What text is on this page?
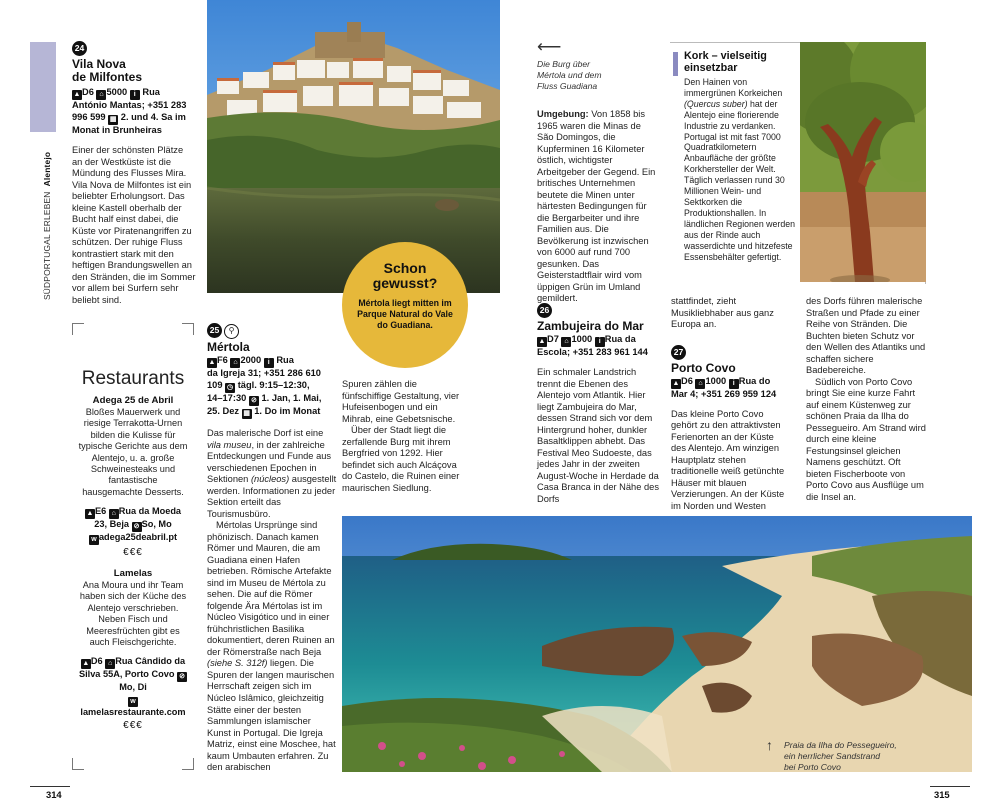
SÜDPORTUGAL ERLEBEN  Alentejo
24
Vila Nova
de Milfontes
▲ D6 ⌂ 5000 i Rua
António Mantas; +351 283
996 599 ▦ 2. und 4. Sa im
Monat in Brunheiras

Einer der schönsten Plätze an der Westküste ist die Mündung des Flusses Mira. Vila Nova de Milfontes ist ein beliebter Erholungsort. Das kleine Kastell oberhalb der Bucht half einst dabei, die Küste vor Piratenangriffen zu schützen. Der ruhige Fluss kontrastiert stark mit den heftigen Brandungswellen an den Stränden, die im Sommer vor allem bei Surfern sehr beliebt sind.

Restaurants
Adega 25 de Abril

Bloßes Mauerwerk und riesige Terrakotta-Urnen bilden die Kulisse für typische Gerichte aus dem Alentejo, u. a. große Schweinesteaks und fantastische hausgemachte Desserts.

▲ E6 ⌂ Rua da Moeda 23, Beja ⊘ So, Mo
w adega25deabril.pt
€€€
Lamelas

Ana Moura und ihr Team haben sich der Küche des Alentejo verschrieben. Neben Fisch und Meeresfrüchten gibt es auch Fleischgerichte.

▲ D6 ⌂ Rua Cândido da Silva 55A, Porto Covo ⊘Mo, Di
wlamelasrestaurante.com
€€€
Schon
gewusst?

Mértola liegt mitten im Parque Natural do Vale do Guadiana.

25 ⚲
Mértola
▲ F6 ⌂ 2000 i Rua
da Igreja 31; +351 286 610
109 ◷ tägl. 9:15–12:30,
14–17:30 ⊘ 1. Jan, 1. Mai,
25. Dez ▦ 1. Do im Monat

Das malerische Dorf ist eine vila museu, in der zahlreiche Entdeckungen und Funde aus verschiedenen Epochen in Sektionen (núcleos) ausgestellt werden. Informationen zu jeder Sektion erteilt das Tourismusbüro.

Mértolas Ursprünge sind phönizisch. Danach kamen Römer und Mauren, die am Guadiana einen Hafen betrieben. Römische Artefakte sind im Museu de Mértola zu sehen. Die auf die Römer folgende Ära Mértolas ist im Núcleo Visigótico und in einer frühchristlichen Basilika dokumentiert, deren Ruinen an der Römerstraße nach Beja (siehe S. 312f) liegen. Die Spuren der langen maurischen Herrschaft zeigen sich im Núcleo Islâmico, gleichzeitig Stätte einer der besten Sammlungen islamischer Kunst in Portugal. Die Igreja Matriz, einst eine Moschee, hat kaum Umbauten erfahren. Zu den arabischen

Spuren zählen die fünfschiffige Gestaltung, vier Hufeisenbogen und ein Mihrab, eine Gebetsnische.

Über der Stadt liegt die zerfallende Burg mit ihrem Bergfried von 1292. Hier befindet sich auch Alcáçova do Castelo, die Ruinen einer maurischen Siedlung.

⟵
Die Burg über
Mértola und dem
Fluss Guadiana

Umgebung: Von 1858 bis 1965 waren die Minas de São Domingos, die Kupferminen 16 Kilometer östlich, wichtigster Arbeitgeber der Gegend. Ein britisches Unternehmen beutete die Minen unter härtesten Bedingungen für die Bergarbeiter und ihre Familien aus. Die Bevölkerung ist inzwischen von 6000 auf rund 700 gesunken. Das Geisterstadtflair wird vom üppigen Grün im Umland gemildert.

26
Zambujeira do Mar
▲ D7 ⌂ 1000 i Rua da
Escola; +351 283 961 144

Ein schmaler Landstrich trennt die Ebenen des Alentejo vom Atlantik. Hier liegt Zambujeira do Mar, dessen Strand sich vor dem Hintergrund hoher, dunkler Basaltklippen abhebt. Das Festival Meo Sudoeste, das jedes Jahr in der zweiten August-Woche in Herdade da Casa Branca in der Nähe des Dorfs

Kork – vielseitig einsetzbar

Den Hainen von immergrünen Korkeichen (Quercus suber) hat der Alentejo eine florierende Industrie zu verdanken. Portugal ist mit fast 7000 Quadratkilometern Anbaufläche der größte Korkhersteller der Welt. Täglich verlassen rund 30 Millionen Wein- und Sektkorken die Produktionshallen. In ländlichen Regionen werden aus der Rinde auch wasserdichte und hitzefeste Essensbehälter gefertigt.

stattfindet, zieht Musikliebhaber aus ganz Europa an.

27
Porto Covo
▲ D6 ⌂ 1000 i Rua do
Mar 4; +351 269 959 124

Das kleine Porto Covo gehört zu den attraktivsten Ferienorten an der Küste des Alentejo. Am winzigen Hauptplatz stehen traditionelle weiß getünchte Häuser mit blauen Verzierungen. An der Küste im Norden und Westen

des Dorfs führen malerische Straßen und Pfade zu einer Reihe von Stränden. Die Buchten bieten Schutz vor den Wellen des Atlantiks und schaffen sichere Badebereiche.

Südlich von Porto Covo bringt Sie eine kurze Fahrt auf einem Küstenweg zur schönen Praia da Ilha do Pessegueiro. Am Strand wird durch eine kleine Festungsinsel gleichen Namens geschützt. Oft bieten Fischerboote von Porto Covo aus Ausflüge um die Insel an.

↑ Praia da Ilha do Pessegueiro,
ein herrlicher Sandstrand
bei Porto Covo
314	315
